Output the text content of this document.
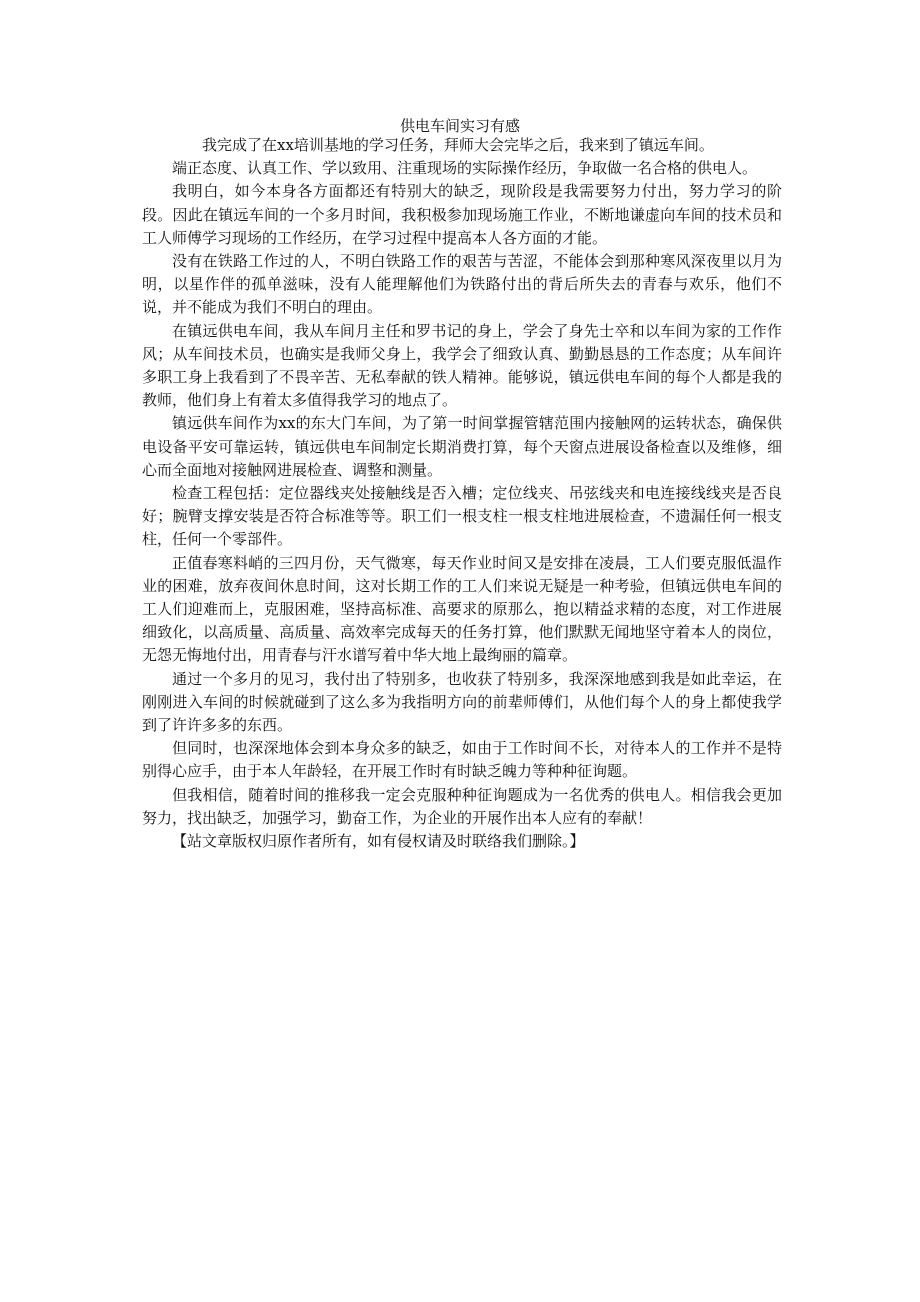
供电车间实习有感

我完成了在xx培训基地的学习任务，拜师大会完毕之后，我来到了镇远车间。

端正态度、认真工作、学以致用、注重现场的实际操作经历，争取做一名合格的供电人。

我明白，如今本身各方面都还有特别大的缺乏，现阶段是我需要努力付出，努力学习的阶段。因此在镇远车间的一个多月时间，我积极参加现场施工作业，不断地谦虚向车间的技术员和工人师傅学习现场的工作经历，在学习过程中提高本人各方面的才能。

没有在铁路工作过的人，不明白铁路工作的艰苦与苦涩，不能体会到那种寒风深夜里以月为明，以星作伴的孤单滋味，没有人能理解他们为铁路付出的背后所失去的青春与欢乐，他们不说，并不能成为我们不明白的理由。

在镇远供电车间，我从车间月主任和罗书记的身上，学会了身先士卒和以车间为家的工作作风；从车间技术员，也确实是我师父身上，我学会了细致认真、勤勤恳恳的工作态度；从车间许多职工身上我看到了不畏辛苦、无私奉献的铁人精神。能够说，镇远供电车间的每个人都是我的教师，他们身上有着太多值得我学习的地点了。

镇远供车间作为xx的东大门车间，为了第一时间掌握管辖范围内接触网的运转状态，确保供电设备平安可靠运转，镇远供电车间制定长期消费打算，每个天窗点进展设备检查以及维修，细心而全面地对接触网进展检查、调整和测量。

检查工程包括：定位器线夹处接触线是否入槽；定位线夹、吊弦线夹和电连接线线夹是否良好；腕臂支撑安装是否符合标准等等。职工们一根支柱一根支柱地进展检查，不遗漏任何一根支柱，任何一个零部件。

正值春寒料峭的三四月份，天气微寒，每天作业时间又是安排在凌晨，工人们要克服低温作业的困难，放弃夜间休息时间，这对长期工作的工人们来说无疑是一种考验，但镇远供电车间的工人们迎难而上，克服困难，坚持高标准、高要求的原那么，抱以精益求精的态度，对工作进展细致化，以高质量、高质量、高效率完成每天的任务打算，他们默默无闻地坚守着本人的岗位，无怨无悔地付出，用青春与汗水谱写着中华大地上最绚丽的篇章。

通过一个多月的见习，我付出了特别多，也收获了特别多，我深深地感到我是如此幸运，在刚刚进入车间的时候就碰到了这么多为我指明方向的前辈师傅们，从他们每个人的身上都使我学到了许许多多的东西。

但同时，也深深地体会到本身众多的缺乏，如由于工作时间不长，对待本人的工作并不是特别得心应手，由于本人年龄轻，在开展工作时有时缺乏魄力等种种征询题。

但我相信，随着时间的推移我一定会克服种种征询题成为一名优秀的供电人。相信我会更加努力，找出缺乏，加强学习，勤奋工作，为企业的开展作出本人应有的奉献！

【站文章版权归原作者所有，如有侵权请及时联络我们删除。】
